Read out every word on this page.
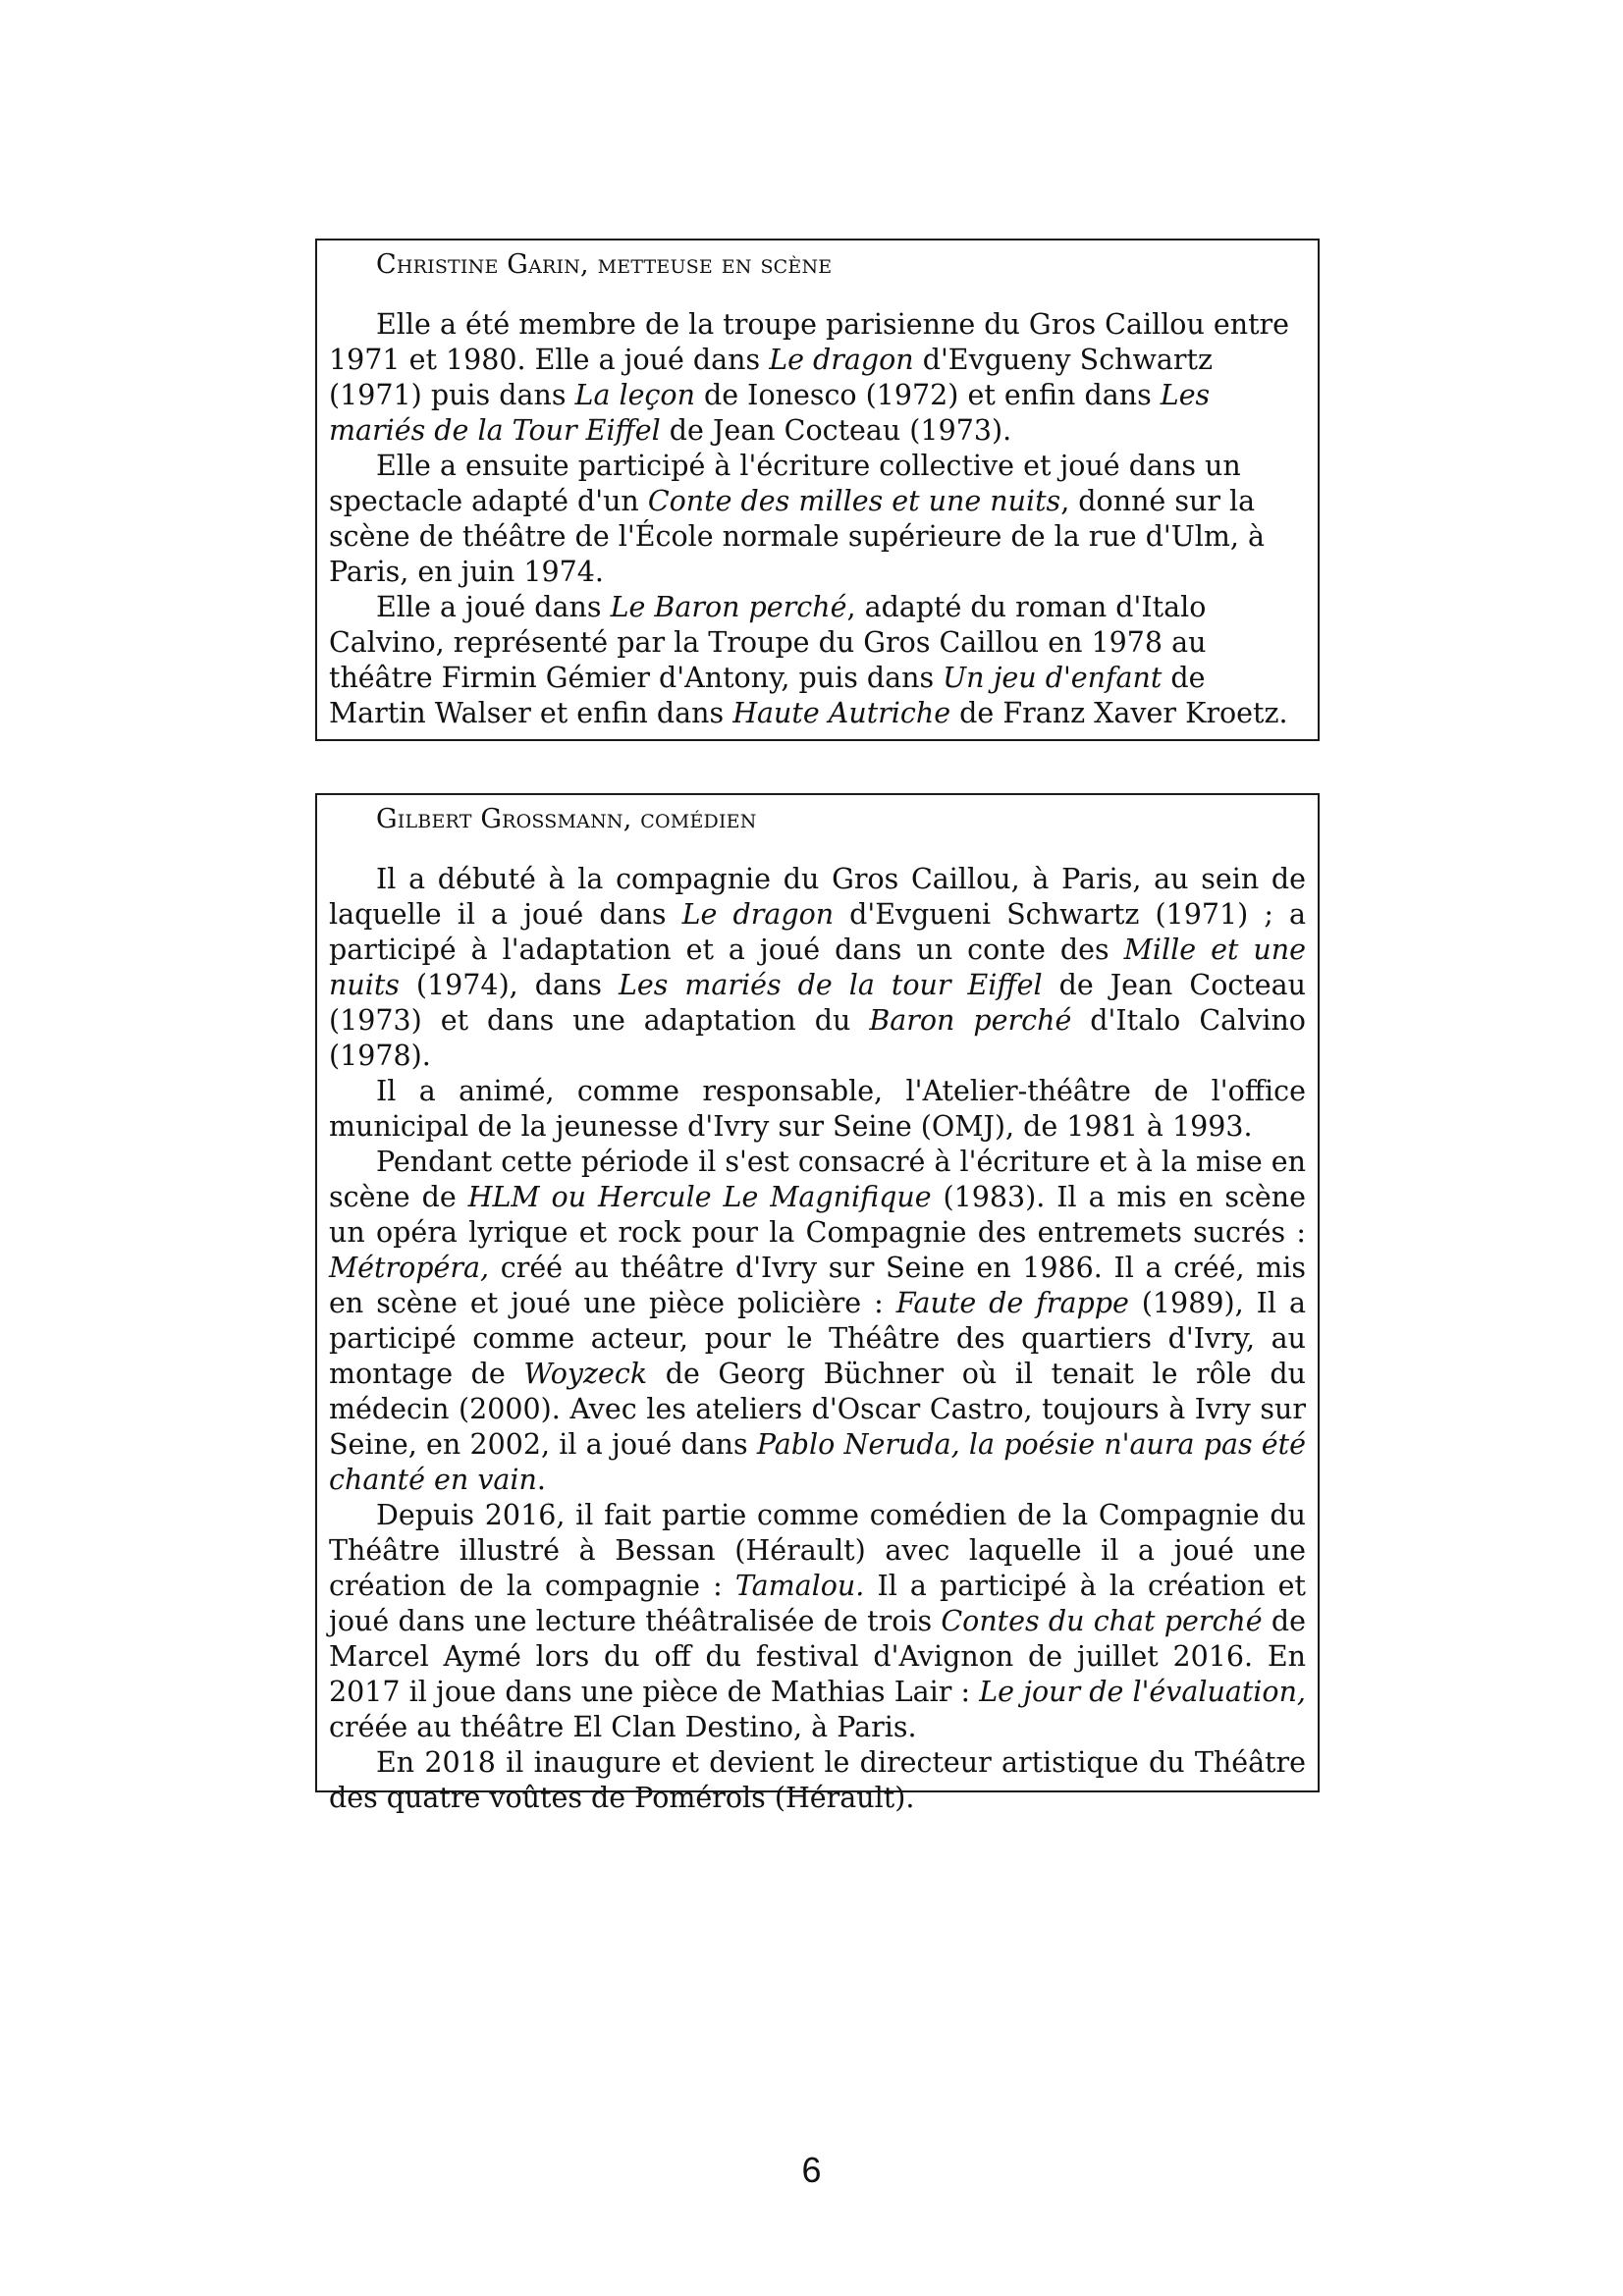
Christine Garin, metteuse en scène

Elle a été membre de la troupe parisienne du Gros Caillou entre 1971 et 1980. Elle a joué dans Le dragon d'Evgueny Schwartz (1971) puis dans La leçon de Ionesco (1972) et enfin dans Les mariés de la Tour Eiffel de Jean Cocteau (1973).

Elle a ensuite participé à l'écriture collective et joué dans un spectacle adapté d'un Conte des milles et une nuits, donné sur la scène de théâtre de l'École normale supérieure de la rue d'Ulm, à Paris, en juin 1974.

Elle a joué dans Le Baron perché, adapté du roman d'Italo Calvino, représenté par la Troupe du Gros Caillou en 1978 au théâtre Firmin Gémier d'Antony, puis dans Un jeu d'enfant de Martin Walser et enfin dans Haute Autriche de Franz Xaver Kroetz.

Gilbert Grossmann, comédien

Il a débuté à la compagnie du Gros Caillou, à Paris, au sein de laquelle il a joué dans Le dragon d'Evgueni Schwartz (1971) ; a participé à l'adaptation et a joué dans un conte des Mille et une nuits (1974), dans Les mariés de la tour Eiffel de Jean Cocteau (1973) et dans une adaptation du Baron perché d'Italo Calvino (1978).

Il a animé, comme responsable, l'Atelier-théâtre de l'office municipal de la jeunesse d'Ivry sur Seine (OMJ), de 1981 à 1993.

Pendant cette période il s'est consacré à l'écriture et à la mise en scène de HLM ou Hercule Le Magnifique (1983). Il a mis en scène un opéra lyrique et rock pour la Compagnie des entremets sucrés : Métropéra, créé au théâtre d'Ivry sur Seine en 1986. Il a créé, mis en scène et joué une pièce policière : Faute de frappe (1989), Il a participé comme acteur, pour le Théâtre des quartiers d'Ivry, au montage de Woyzeck de Georg Büchner où il tenait le rôle du médecin (2000). Avec les ateliers d'Oscar Castro, toujours à Ivry sur Seine, en 2002, il a joué dans Pablo Neruda, la poésie n'aura pas été chanté en vain.

Depuis 2016, il fait partie comme comédien de la Compagnie du Théâtre illustré à Bessan (Hérault) avec laquelle il a joué une création de la compagnie : Tamalou. Il a participé à la création et joué dans une lecture théâtralisée de trois Contes du chat perché de Marcel Aymé lors du off du festival d'Avignon de juillet 2016. En 2017 il joue dans une pièce de Mathias Lair : Le jour de l'évaluation, créée au théâtre El Clan Destino, à Paris.

En 2018 il inaugure et devient le directeur artistique du Théâtre des quatre voûtes de Pomérols (Hérault).

6
